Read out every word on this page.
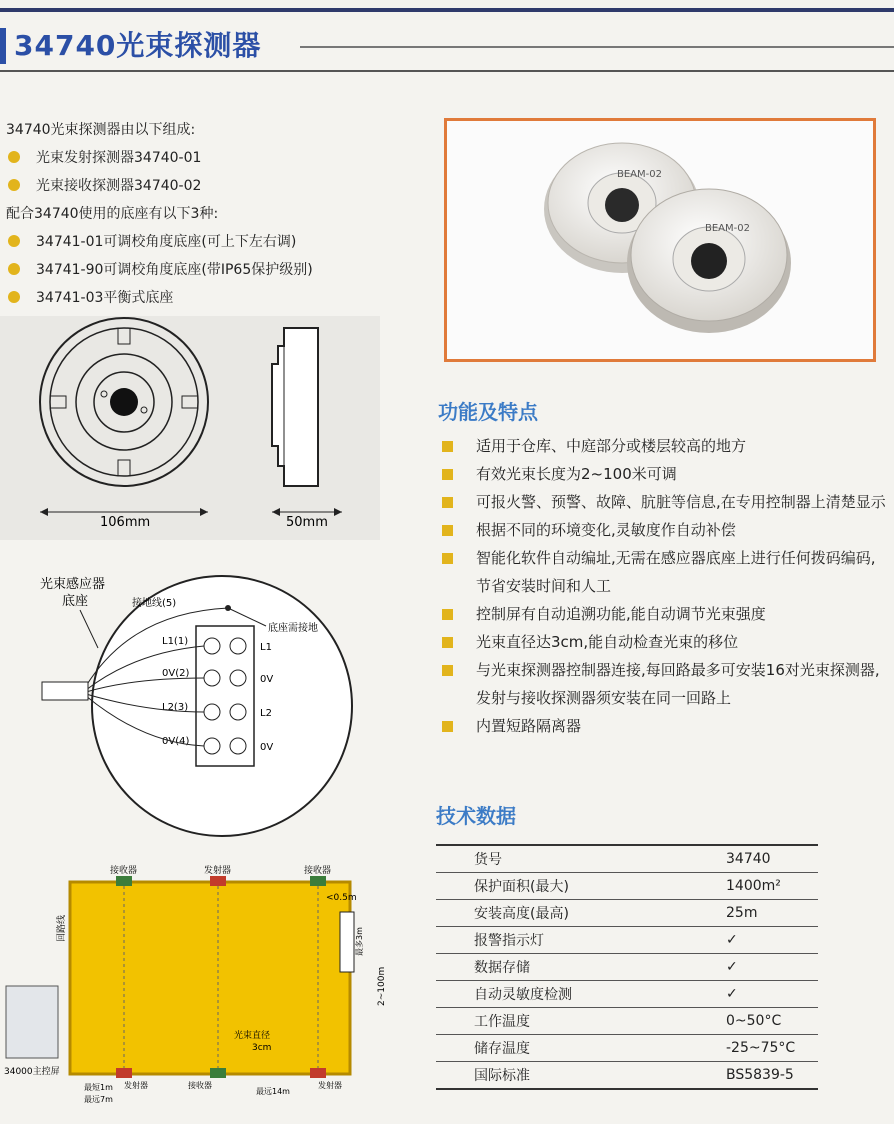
34740光束探测器
34740光束探测器由以下组成:
光束发射探测器34740-01
光束接收探测器34740-02
配合34740使用的底座有以下3种:
34741-01可调校角度底座(可上下左右调)
34741-90可调校角度底座(带IP65保护级别)
34741-03平衡式底座
BEAM-02
BEAM-02
106mm	50mm
光束感应器
底座	接地线(5)
底座需接地
L1(1)
0V(2)
L2(3)
0V(4)
L1
0V
L2
0V
接收器	发射器	接收器
<0.5m
最多3m
2~100m
回路线
光束直径
3cm
34000主控屏
最短1m
最远7m
发射器	接收器
最远14m
发射器
功能及特点
适用于仓库、中庭部分或楼层较高的地方
有效光束长度为2~100米可调
可报火警、预警、故障、肮脏等信息,在专用控制器上清楚显示
根据不同的环境变化,灵敏度作自动补偿
智能化软件自动编址,无需在感应器底座上进行任何拨码编码,节省安装时间和人工
控制屏有自动追溯功能,能自动调节光束强度
光束直径达3cm,能自动检查光束的移位
与光束探测器控制器连接,每回路最多可安装16对光束探测器,发射与接收探测器须安装在同一回路上
内置短路隔离器
技术数据
货号	34740
保护面积(最大)	1400m²
安装高度(最高)	25m
报警指示灯	✓
数据存储	✓
自动灵敏度检测	✓
工作温度	0~50°C
储存温度	-25~75°C
国际标准	BS5839-5
